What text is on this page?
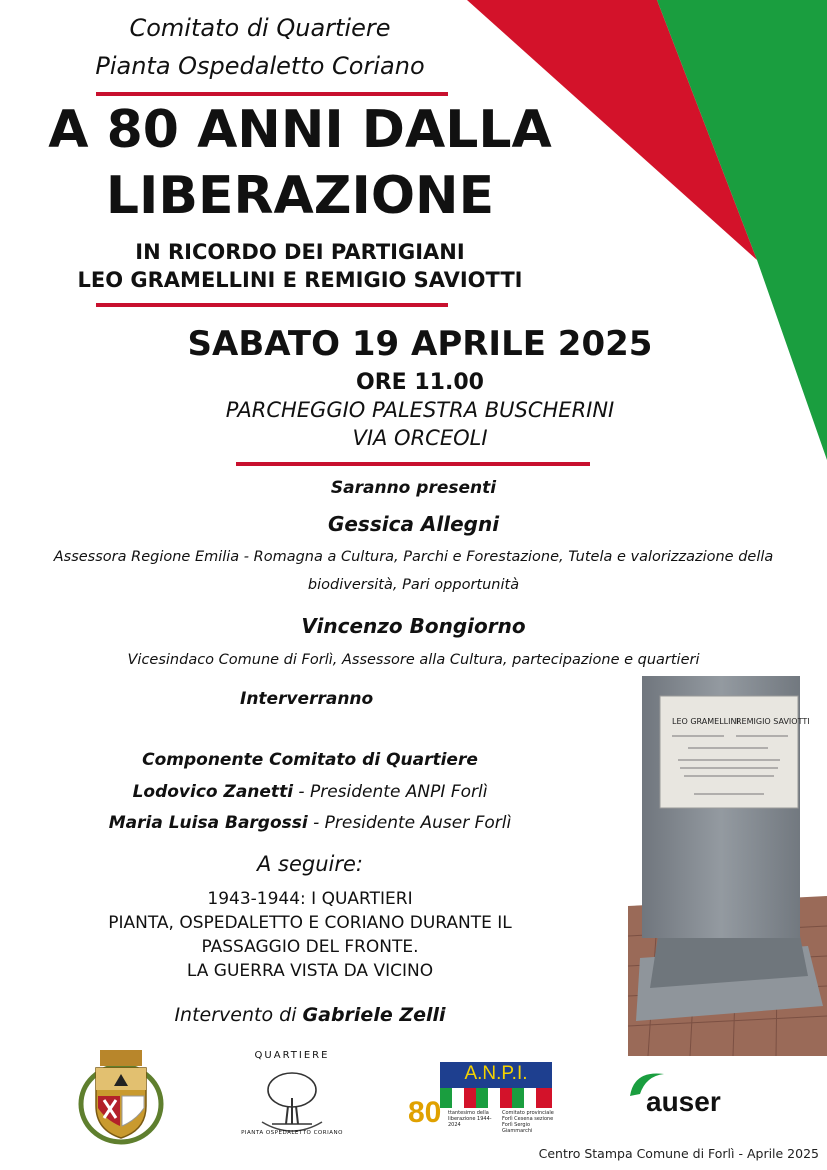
Comitato di Quartiere
Pianta Ospedaletto Coriano
A 80 ANNI DALLA
LIBERAZIONE
IN RICORDO DEI PARTIGIANI
LEO GRAMELLINI E REMIGIO SAVIOTTI
SABATO 19 APRILE 2025
ORE 11.00
PARCHEGGIO PALESTRA BUSCHERINI
VIA ORCEOLI
Saranno presenti
Gessica Allegni
Assessora Regione Emilia - Romagna a Cultura, Parchi e Forestazione, Tutela e valorizzazione della
biodiversità, Pari opportunità
Vincenzo Bongiorno
Vicesindaco Comune di Forlì, Assessore alla Cultura, partecipazione e quartieri
Interverranno
Componente Comitato di Quartiere
Lodovico Zanetti - Presidente ANPI Forlì
Maria Luisa Bargossi - Presidente Auser Forlì
A seguire:
1943-1944: I QUARTIERI
PIANTA, OSPEDALETTO E CORIANO DURANTE IL
PASSAGGIO DEL FRONTE.
LA GUERRA VISTA DA VICINO
Intervento di Gabriele Zelli
LEO GRAMELLINI
REMIGIO SAVIOTTI
QUARTIERE
PIANTA OSPEDALETTO CORIANO
A.N.P.I.
80 ttantesimo della liberazione 1944-2024
Comitato provinciale Forlì Cesena sezione Forlì Sergio Giammarchi
auser
Centro Stampa Comune di Forlì - Aprile 2025
